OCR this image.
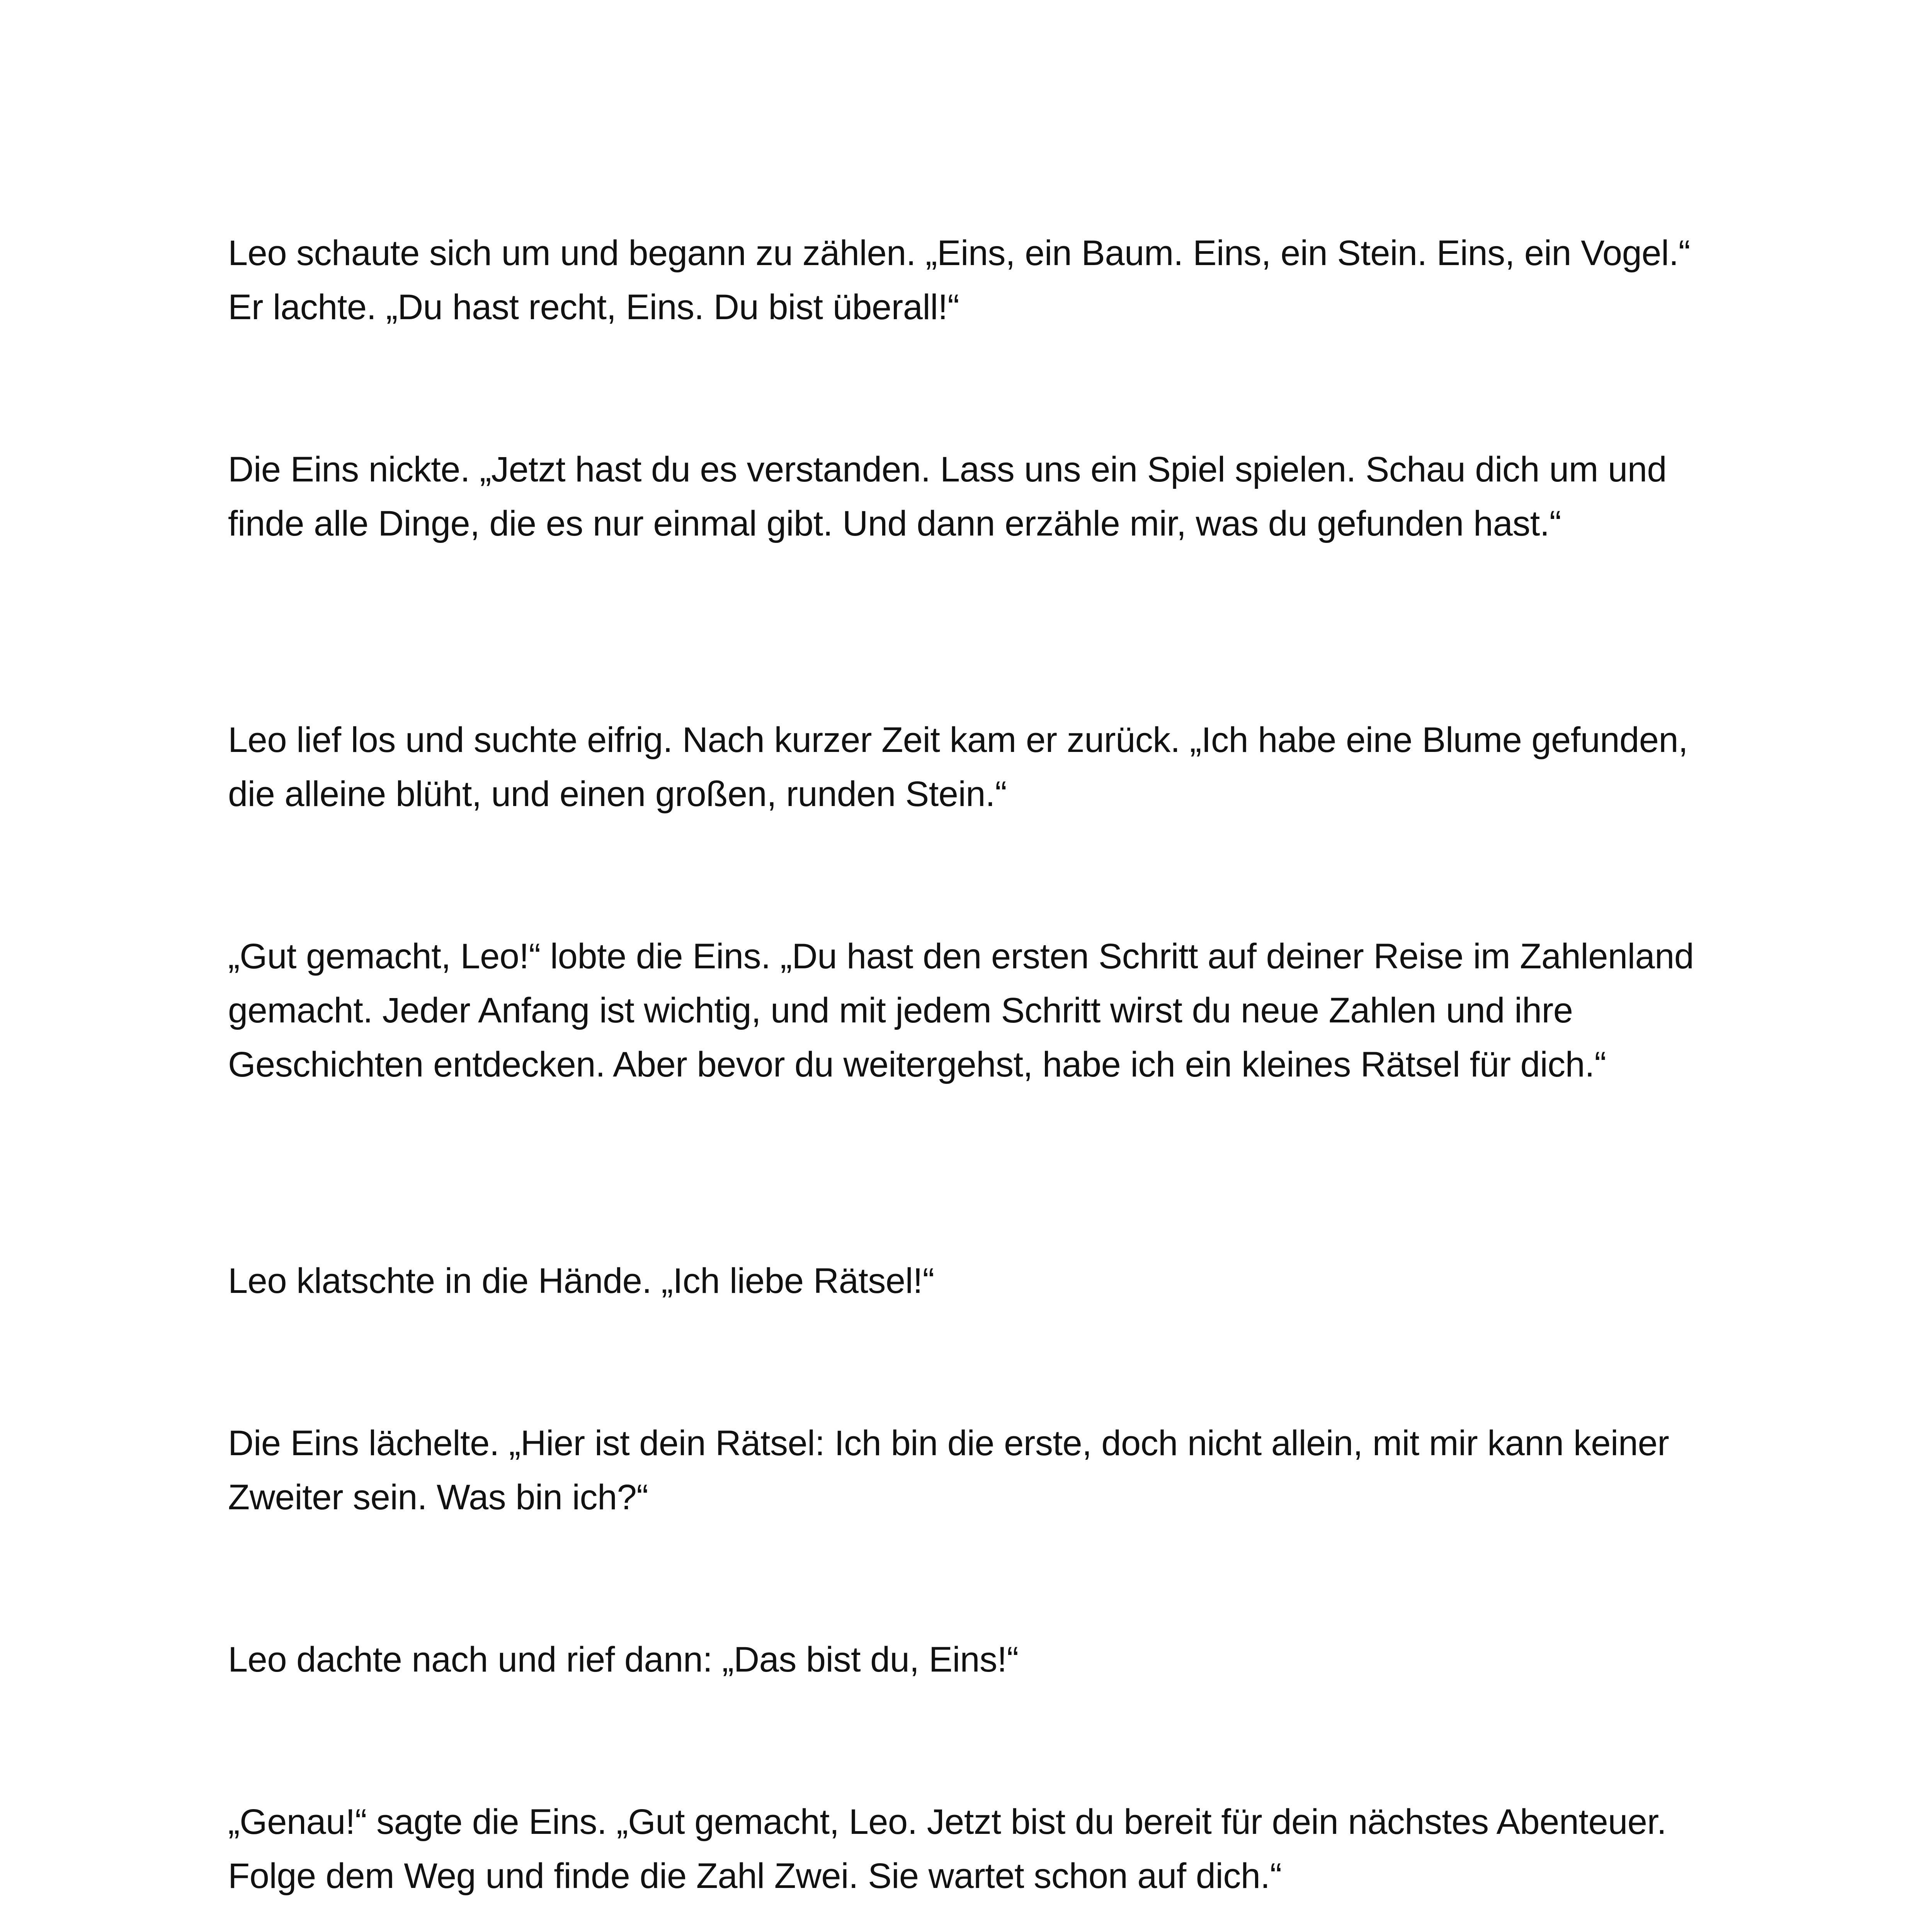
Leo schaute sich um und begann zu zählen. „Eins, ein Baum. Eins, ein Stein. Eins, ein Vogel.“ Er lachte. „Du hast recht, Eins. Du bist überall!“

Die Eins nickte. „Jetzt hast du es verstanden. Lass uns ein Spiel spielen. Schau dich um und finde alle Dinge, die es nur einmal gibt. Und dann erzähle mir, was du gefunden hast.“

Leo lief los und suchte eifrig. Nach kurzer Zeit kam er zurück. „Ich habe eine Blume gefunden, die alleine blüht, und einen großen, runden Stein.“

„Gut gemacht, Leo!“ lobte die Eins. „Du hast den ersten Schritt auf deiner Reise im Zahlenland gemacht. Jeder Anfang ist wichtig, und mit jedem Schritt wirst du neue Zahlen und ihre Geschichten entdecken. Aber bevor du weitergehst, habe ich ein kleines Rätsel für dich.“

Leo klatschte in die Hände. „Ich liebe Rätsel!“

Die Eins lächelte. „Hier ist dein Rätsel: Ich bin die erste, doch nicht allein, mit mir kann keiner Zweiter sein. Was bin ich?“

Leo dachte nach und rief dann: „Das bist du, Eins!“

„Genau!“ sagte die Eins. „Gut gemacht, Leo. Jetzt bist du bereit für dein nächstes Abenteuer. Folge dem Weg und finde die Zahl Zwei. Sie wartet schon auf dich.“
